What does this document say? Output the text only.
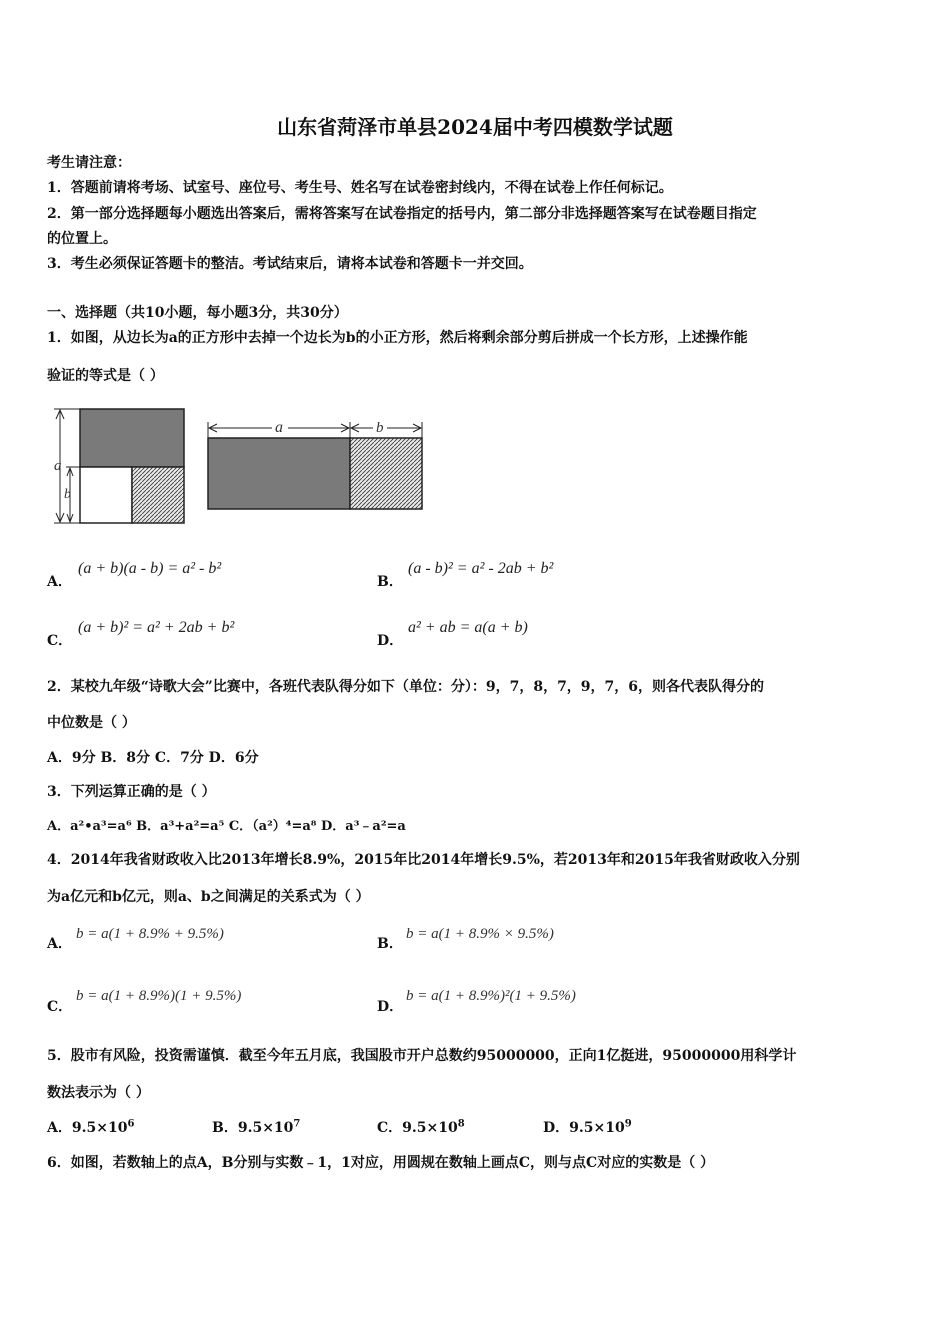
山东省菏泽市单县2024届中考四模数学试题
考生请注意：
1．答题前请将考场、试室号、座位号、考生号、姓名写在试卷密封线内，不得在试卷上作任何标记。
2．第一部分选择题每小题选出答案后，需将答案写在试卷指定的括号内，第二部分非选择题答案写在试卷题目指定
的位置上。
3．考生必须保证答题卡的整洁。考试结束后，请将本试卷和答题卡一并交回。
一、选择题（共10小题，每小题3分，共30分）
1．如图，从边长为a的正方形中去掉一个边长为b的小正方形，然后将剩余部分剪后拼成一个长方形，上述操作能
验证的等式是（ ）
a
b
a	b
A．
(a + b)(a - b) = a² - b²
B．
(a - b)² = a² - 2ab + b²
C．
(a + b)² = a² + 2ab + b²
D．
a² + ab = a(a + b)
2．某校九年级“诗歌大会”比赛中，各班代表队得分如下（单位：分）：9，7，8，7，9，7，6，则各代表队得分的
中位数是（ ）
A．9分 B．8分 C．7分 D．6分
3．下列运算正确的是（ ）
A．a²•a³=a⁶ B．a³+a²=a⁵ C．（a²）⁴=a⁸ D．a³﹣a²=a
4．2014年我省财政收入比2013年增长8.9%，2015年比2014年增长9.5%，若2013年和2015年我省财政收入分别
为a亿元和b亿元，则a、b之间满足的关系式为（ ）
A．
b = a(1 + 8.9% + 9.5%)
B．
b = a(1 + 8.9% × 9.5%)
C．
b = a(1 + 8.9%)(1 + 9.5%)
D．
b = a(1 + 8.9%)²(1 + 9.5%)
5．股市有风险，投资需谨慎．截至今年五月底，我国股市开户总数约95000000，正向1亿挺进，95000000用科学计
数法表示为（ ）
A．$9.5\times 10^6$	B．$9.5\times 10^7$	C．$9.5\times 10^8$	D．$9.5\times 10^9$
6．如图，若数轴上的点A，B分别与实数﹣1，1对应，用圆规在数轴上画点C，则与点C对应的实数是（ ）
